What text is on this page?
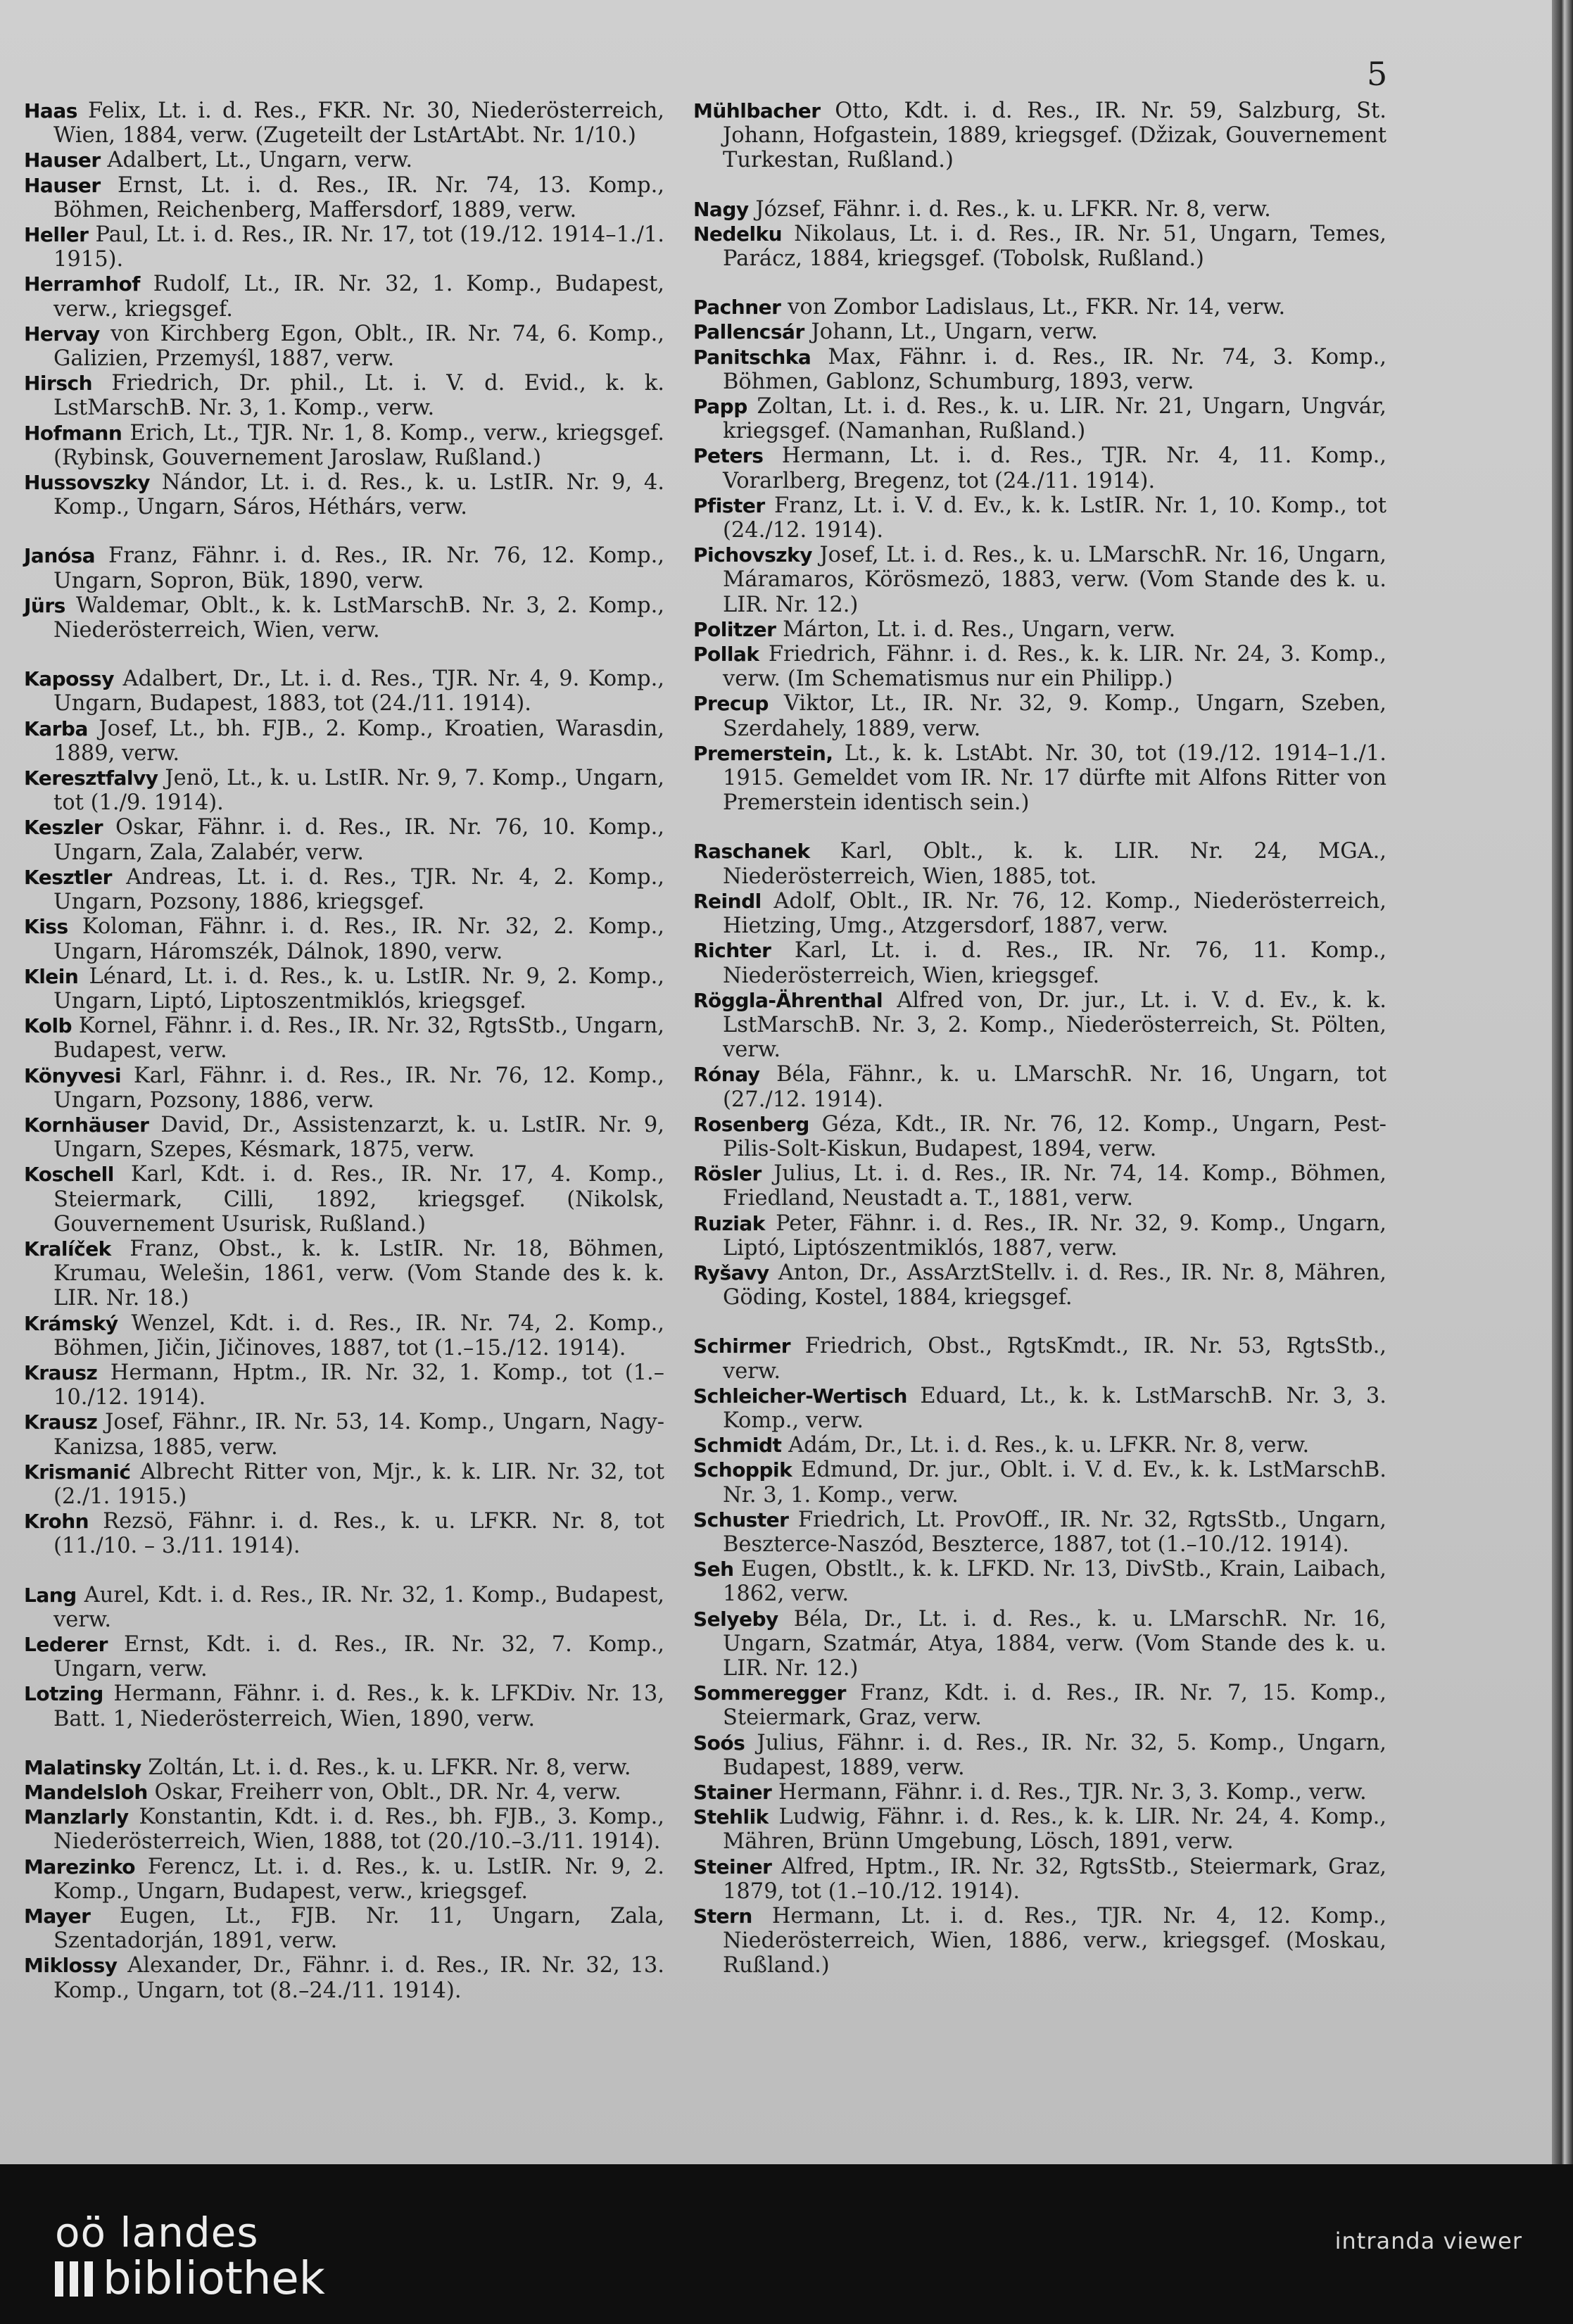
5

Haas Felix, Lt. i. d. Res., FKR. Nr. 30, Niederösterreich, Wien, 1884, verw. (Zugeteilt der LstArtAbt. Nr. 1/10.)

Hauser Adalbert, Lt., Ungarn, verw.

Hauser Ernst, Lt. i. d. Res., IR. Nr. 74, 13. Komp., Böhmen, Reichenberg, Maffersdorf, 1889, verw.

Heller Paul, Lt. i. d. Res., IR. Nr. 17, tot (19./12. 1914–1./1. 1915).

Herramhof Rudolf, Lt., IR. Nr. 32, 1. Komp., Budapest, verw., kriegsgef.

Hervay von Kirchberg Egon, Oblt., IR. Nr. 74, 6. Komp., Galizien, Przemyśl, 1887, verw.

Hirsch Friedrich, Dr. phil., Lt. i. V. d. Evid., k. k. LstMarschB. Nr. 3, 1. Komp., verw.

Hofmann Erich, Lt., TJR. Nr. 1, 8. Komp., verw., kriegsgef. (Rybinsk, Gouvernement Jaroslaw, Rußland.)

Hussovszky Nándor, Lt. i. d. Res., k. u. LstIR. Nr. 9, 4. Komp., Ungarn, Sáros, Héthárs, verw.

Janósa Franz, Fähnr. i. d. Res., IR. Nr. 76, 12. Komp., Ungarn, Sopron, Bük, 1890, verw.

Jürs Waldemar, Oblt., k. k. LstMarschB. Nr. 3, 2. Komp., Niederösterreich, Wien, verw.

Kapossy Adalbert, Dr., Lt. i. d. Res., TJR. Nr. 4, 9. Komp., Ungarn, Budapest, 1883, tot (24./11. 1914).

Karba Josef, Lt., bh. FJB., 2. Komp., Kroatien, Warasdin, 1889, verw.

Keresztfalvy Jenö, Lt., k. u. LstIR. Nr. 9, 7. Komp., Ungarn, tot (1./9. 1914).

Keszler Oskar, Fähnr. i. d. Res., IR. Nr. 76, 10. Komp., Ungarn, Zala, Zalabér, verw.

Kesztler Andreas, Lt. i. d. Res., TJR. Nr. 4, 2. Komp., Ungarn, Pozsony, 1886, kriegsgef.

Kiss Koloman, Fähnr. i. d. Res., IR. Nr. 32, 2. Komp., Ungarn, Háromszék, Dálnok, 1890, verw.

Klein Lénard, Lt. i. d. Res., k. u. LstIR. Nr. 9, 2. Komp., Ungarn, Liptó, Liptoszentmiklós, kriegsgef.

Kolb Kornel, Fähnr. i. d. Res., IR. Nr. 32, RgtsStb., Ungarn, Budapest, verw.

Könyvesi Karl, Fähnr. i. d. Res., IR. Nr. 76, 12. Komp., Ungarn, Pozsony, 1886, verw.

Kornhäuser David, Dr., Assistenzarzt, k. u. LstIR. Nr. 9, Ungarn, Szepes, Késmark, 1875, verw.

Koschell Karl, Kdt. i. d. Res., IR. Nr. 17, 4. Komp., Steiermark, Cilli, 1892, kriegsgef. (Nikolsk, Gouvernement Usurisk, Rußland.)

Kralíček Franz, Obst., k. k. LstIR. Nr. 18, Böhmen, Krumau, Welešin, 1861, verw. (Vom Stande des k. k. LIR. Nr. 18.)

Krámský Wenzel, Kdt. i. d. Res., IR. Nr. 74, 2. Komp., Böhmen, Jičin, Jičinoves, 1887, tot (1.–15./12. 1914).

Krausz Hermann, Hptm., IR. Nr. 32, 1. Komp., tot (1.–10./12. 1914).

Krausz Josef, Fähnr., IR. Nr. 53, 14. Komp., Ungarn, Nagy-Kanizsa, 1885, verw.

Krismanić Albrecht Ritter von, Mjr., k. k. LIR. Nr. 32, tot (2./1. 1915.)

Krohn Rezsö, Fähnr. i. d. Res., k. u. LFKR. Nr. 8, tot (11./10. – 3./11. 1914).

Lang Aurel, Kdt. i. d. Res., IR. Nr. 32, 1. Komp., Budapest, verw.

Lederer Ernst, Kdt. i. d. Res., IR. Nr. 32, 7. Komp., Ungarn, verw.

Lotzing Hermann, Fähnr. i. d. Res., k. k. LFKDiv. Nr. 13, Batt. 1, Niederösterreich, Wien, 1890, verw.

Malatinsky Zoltán, Lt. i. d. Res., k. u. LFKR. Nr. 8, verw.

Mandelsloh Oskar, Freiherr von, Oblt., DR. Nr. 4, verw.

Manzlarly Konstantin, Kdt. i. d. Res., bh. FJB., 3. Komp., Niederösterreich, Wien, 1888, tot (20./10.–3./11. 1914).

Marezinko Ferencz, Lt. i. d. Res., k. u. LstIR. Nr. 9, 2. Komp., Ungarn, Budapest, verw., kriegsgef.

Mayer Eugen, Lt., FJB. Nr. 11, Ungarn, Zala, Szentadorján, 1891, verw.

Miklossy Alexander, Dr., Fähnr. i. d. Res., IR. Nr. 32, 13. Komp., Ungarn, tot (8.–24./11. 1914).

Mühlbacher Otto, Kdt. i. d. Res., IR. Nr. 59, Salzburg, St. Johann, Hofgastein, 1889, kriegsgef. (Džizak, Gouvernement Turkestan, Rußland.)

Nagy József, Fähnr. i. d. Res., k. u. LFKR. Nr. 8, verw.

Nedelku Nikolaus, Lt. i. d. Res., IR. Nr. 51, Ungarn, Temes, Parácz, 1884, kriegsgef. (Tobolsk, Rußland.)

Pachner von Zombor Ladislaus, Lt., FKR. Nr. 14, verw.

Pallencsár Johann, Lt., Ungarn, verw.

Panitschka Max, Fähnr. i. d. Res., IR. Nr. 74, 3. Komp., Böhmen, Gablonz, Schumburg, 1893, verw.

Papp Zoltan, Lt. i. d. Res., k. u. LIR. Nr. 21, Ungarn, Ungvár, kriegsgef. (Namanhan, Rußland.)

Peters Hermann, Lt. i. d. Res., TJR. Nr. 4, 11. Komp., Vorarlberg, Bregenz, tot (24./11. 1914).

Pfister Franz, Lt. i. V. d. Ev., k. k. LstIR. Nr. 1, 10. Komp., tot (24./12. 1914).

Pichovszky Josef, Lt. i. d. Res., k. u. LMarschR. Nr. 16, Ungarn, Máramaros, Körösmezö, 1883, verw. (Vom Stande des k. u. LIR. Nr. 12.)

Politzer Márton, Lt. i. d. Res., Ungarn, verw.

Pollak Friedrich, Fähnr. i. d. Res., k. k. LIR. Nr. 24, 3. Komp., verw. (Im Schematismus nur ein Philipp.)

Precup Viktor, Lt., IR. Nr. 32, 9. Komp., Ungarn, Szeben, Szerdahely, 1889, verw.

Premerstein, Lt., k. k. LstAbt. Nr. 30, tot (19./12. 1914–1./1. 1915. Gemeldet vom IR. Nr. 17 dürfte mit Alfons Ritter von Premerstein identisch sein.)

Raschanek Karl, Oblt., k. k. LIR. Nr. 24, MGA., Niederösterreich, Wien, 1885, tot.

Reindl Adolf, Oblt., IR. Nr. 76, 12. Komp., Niederösterreich, Hietzing, Umg., Atzgersdorf, 1887, verw.

Richter Karl, Lt. i. d. Res., IR. Nr. 76, 11. Komp., Niederösterreich, Wien, kriegsgef.

Röggla-Ährenthal Alfred von, Dr. jur., Lt. i. V. d. Ev., k. k. LstMarschB. Nr. 3, 2. Komp., Niederösterreich, St. Pölten, verw.

Rónay Béla, Fähnr., k. u. LMarschR. Nr. 16, Ungarn, tot (27./12. 1914).

Rosenberg Géza, Kdt., IR. Nr. 76, 12. Komp., Ungarn, Pest-Pilis-Solt-Kiskun, Budapest, 1894, verw.

Rösler Julius, Lt. i. d. Res., IR. Nr. 74, 14. Komp., Böhmen, Friedland, Neustadt a. T., 1881, verw.

Ruziak Peter, Fähnr. i. d. Res., IR. Nr. 32, 9. Komp., Ungarn, Liptó, Liptószentmiklós, 1887, verw.

Ryšavy Anton, Dr., AssArztStellv. i. d. Res., IR. Nr. 8, Mähren, Göding, Kostel, 1884, kriegsgef.

Schirmer Friedrich, Obst., RgtsKmdt., IR. Nr. 53, RgtsStb., verw.

Schleicher-Wertisch Eduard, Lt., k. k. LstMarschB. Nr. 3, 3. Komp., verw.

Schmidt Adám, Dr., Lt. i. d. Res., k. u. LFKR. Nr. 8, verw.

Schoppik Edmund, Dr. jur., Oblt. i. V. d. Ev., k. k. LstMarschB. Nr. 3, 1. Komp., verw.

Schuster Friedrich, Lt. ProvOff., IR. Nr. 32, RgtsStb., Ungarn, Beszterce-Naszód, Beszterce, 1887, tot (1.–10./12. 1914).

Seh Eugen, Obstlt., k. k. LFKD. Nr. 13, DivStb., Krain, Laibach, 1862, verw.

Selyeby Béla, Dr., Lt. i. d. Res., k. u. LMarschR. Nr. 16, Ungarn, Szatmár, Atya, 1884, verw. (Vom Stande des k. u. LIR. Nr. 12.)

Sommeregger Franz, Kdt. i. d. Res., IR. Nr. 7, 15. Komp., Steiermark, Graz, verw.

Soós Julius, Fähnr. i. d. Res., IR. Nr. 32, 5. Komp., Ungarn, Budapest, 1889, verw.

Stainer Hermann, Fähnr. i. d. Res., TJR. Nr. 3, 3. Komp., verw.

Stehlik Ludwig, Fähnr. i. d. Res., k. k. LIR. Nr. 24, 4. Komp., Mähren, Brünn Umgebung, Lösch, 1891, verw.

Steiner Alfred, Hptm., IR. Nr. 32, RgtsStb., Steiermark, Graz, 1879, tot (1.–10./12. 1914).

Stern Hermann, Lt. i. d. Res., TJR. Nr. 4, 12. Komp., Niederösterreich, Wien, 1886, verw., kriegsgef. (Moskau, Rußland.)

oö landes
bibliothek
intranda viewer
